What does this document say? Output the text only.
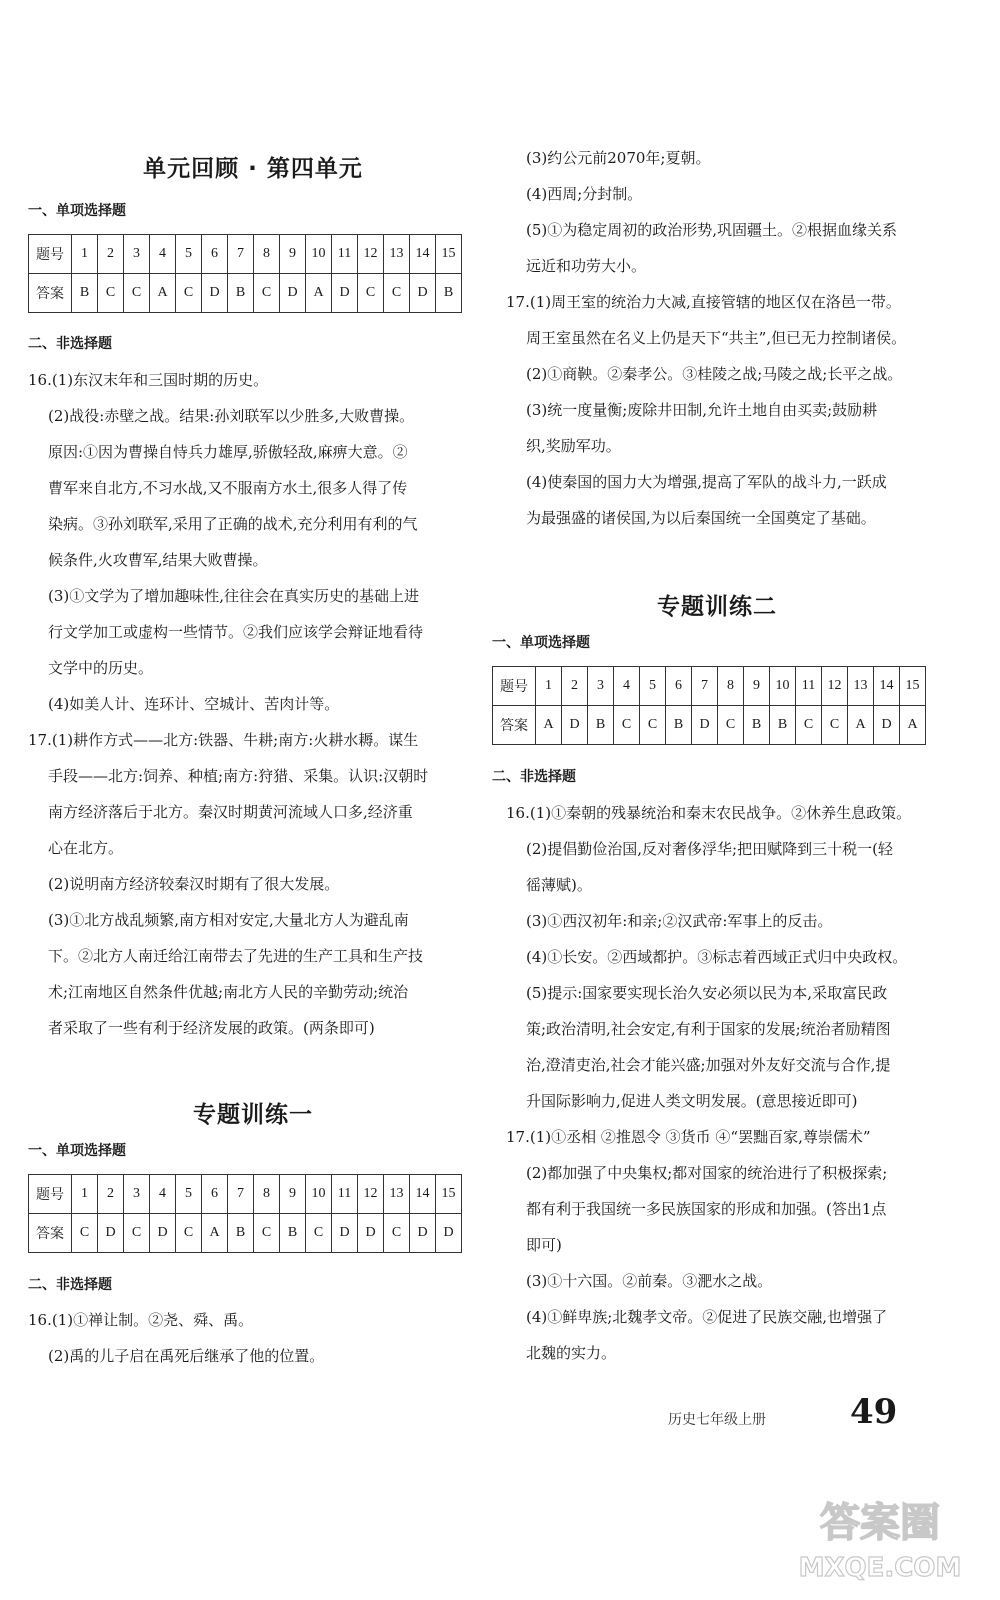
单元回顾 · 第四单元
一、单项选择题
题号	1	2	3	4	5	6	7	8	9	10	11	12	13	14	15
答案	B	C	C	A	C	D	B	C	D	A	D	C	C	D	B
二、非选择题
16.(1)东汉末年和三国时期的历史。
(2)战役:赤壁之战。结果:孙刘联军以少胜多,大败曹操。
原因:①因为曹操自恃兵力雄厚,骄傲轻敌,麻痹大意。②
曹军来自北方,不习水战,又不服南方水土,很多人得了传
染病。③孙刘联军,采用了正确的战术,充分利用有利的气
候条件,火攻曹军,结果大败曹操。
(3)①文学为了增加趣味性,往往会在真实历史的基础上进
行文学加工或虚构一些情节。②我们应该学会辩证地看待
文学中的历史。
(4)如美人计、连环计、空城计、苦肉计等。
17.(1)耕作方式——北方:铁器、牛耕;南方:火耕水耨。谋生
手段——北方:饲养、种植;南方:狩猎、采集。认识:汉朝时
南方经济落后于北方。秦汉时期黄河流域人口多,经济重
心在北方。
(2)说明南方经济较秦汉时期有了很大发展。
(3)①北方战乱频繁,南方相对安定,大量北方人为避乱南
下。②北方人南迁给江南带去了先进的生产工具和生产技
术;江南地区自然条件优越;南北方人民的辛勤劳动;统治
者采取了一些有利于经济发展的政策。(两条即可)
专题训练一
一、单项选择题
题号	1	2	3	4	5	6	7	8	9	10	11	12	13	14	15
答案	C	D	C	D	C	A	B	C	B	C	D	D	C	D	D
二、非选择题
16.(1)①禅让制。②尧、舜、禹。
(2)禹的儿子启在禹死后继承了他的位置。
(3)约公元前2070年;夏朝。
(4)西周;分封制。
(5)①为稳定周初的政治形势,巩固疆土。②根据血缘关系
远近和功劳大小。
17.(1)周王室的统治力大减,直接管辖的地区仅在洛邑一带。
周王室虽然在名义上仍是天下“共主”,但已无力控制诸侯。
(2)①商鞅。②秦孝公。③桂陵之战;马陵之战;长平之战。
(3)统一度量衡;废除井田制,允许土地自由买卖;鼓励耕
织,奖励军功。
(4)使秦国的国力大为增强,提高了军队的战斗力,一跃成
为最强盛的诸侯国,为以后秦国统一全国奠定了基础。
专题训练二
一、单项选择题
题号	1	2	3	4	5	6	7	8	9	10	11	12	13	14	15
答案	A	D	B	C	C	B	D	C	B	B	C	C	A	D	A
二、非选择题
16.(1)①秦朝的残暴统治和秦末农民战争。②休养生息政策。
(2)提倡勤俭治国,反对奢侈浮华;把田赋降到三十税一(轻
徭薄赋)。
(3)①西汉初年:和亲;②汉武帝:军事上的反击。
(4)①长安。②西域都护。③标志着西域正式归中央政权。
(5)提示:国家要实现长治久安必须以民为本,采取富民政
策;政治清明,社会安定,有利于国家的发展;统治者励精图
治,澄清吏治,社会才能兴盛;加强对外友好交流与合作,提
升国际影响力,促进人类文明发展。(意思接近即可)
17.(1)①丞相 ②推恩令 ③货币 ④“罢黜百家,尊崇儒术”
(2)都加强了中央集权;都对国家的统治进行了积极探索;
都有利于我国统一多民族国家的形成和加强。(答出1点
即可)
(3)①十六国。②前秦。③淝水之战。
(4)①鲜卑族;北魏孝文帝。②促进了民族交融,也增强了
北魏的实力。
历史七年级上册 49
答案圈
MXQE.COM
